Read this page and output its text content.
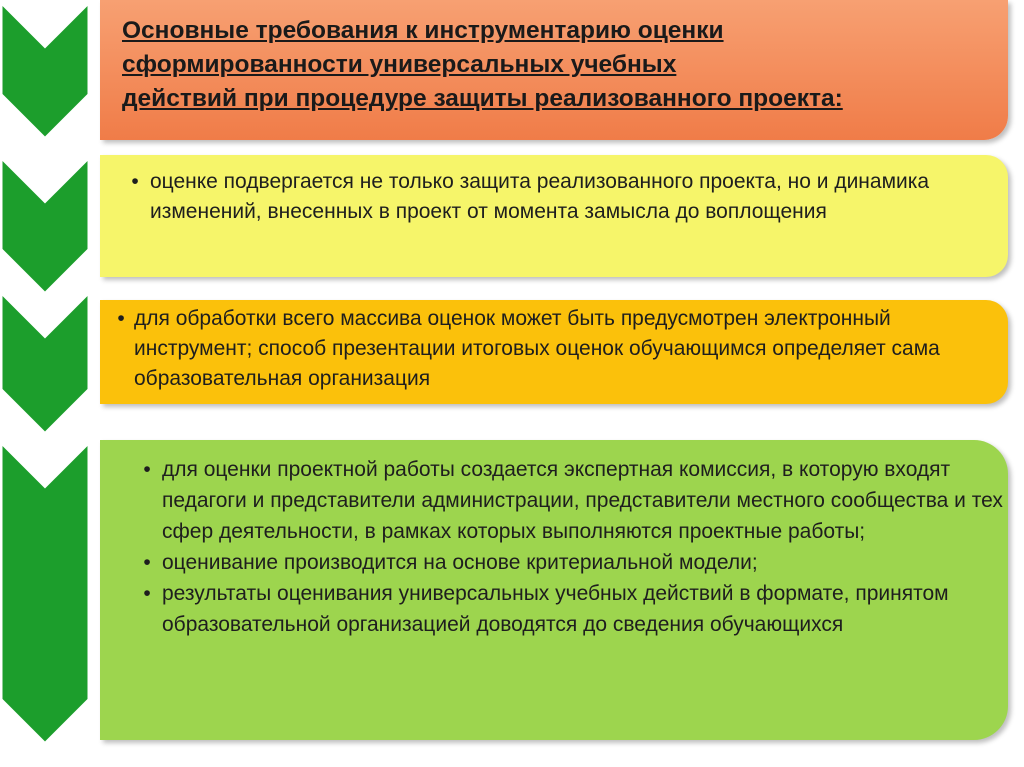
Основные требования к инструментарию оценки
сформированности универсальных учебных
действий при процедуре защиты реализованного проекта:

• оценке подвергается не только защита реализованного проекта, но и динамика изменений, внесенных в проект от момента замысла до воплощения
• для обработки всего массива оценок может быть предусмотрен электронный инструмент; способ презентации итоговых оценок обучающимся определяет сама образовательная организация
• для оценки проектной работы создается экспертная комиссия, в которую входят педагоги и представители администрации, представители местного сообщества и тех сфер деятельности, в рамках которых выполняются проектные работы;
• оценивание производится на основе критериальной модели;
• результаты оценивания универсальных учебных действий в формате, принятом образовательной организацией доводятся до сведения обучающихся
